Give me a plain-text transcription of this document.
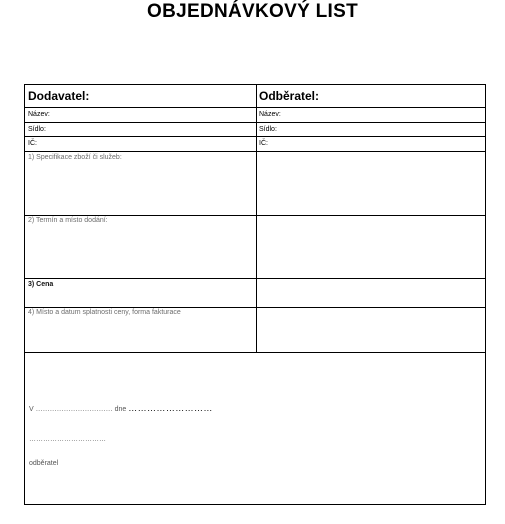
OBJEDNÁVKOVÝ LIST
Dodavatel:	Odběratel:
Název:
Sídlo:
IČ:
Název:
Sídlo:
IČ:
1) Specifikace zboží či služeb:
2) Termín a místo dodání:
3) Cena
4) Místo a datum splatnosti ceny, forma fakturace
V …………………………… dne ………………………
……………………………
odběratel
